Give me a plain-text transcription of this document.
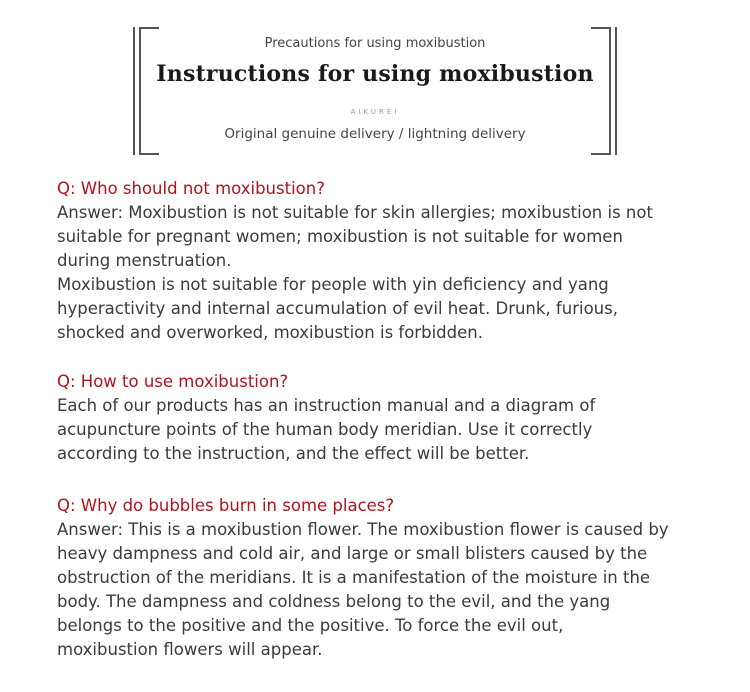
Precautions for using moxibustion
Instructions for using moxibustion
AIKUREI
Original genuine delivery / lightning delivery

Q: Who should not moxibustion?

Answer: Moxibustion is not suitable for skin allergies; moxibustion is not

suitable for pregnant women; moxibustion is not suitable for women

during menstruation.

Moxibustion is not suitable for people with yin deficiency and yang

hyperactivity and internal accumulation of evil heat. Drunk, furious,

shocked and overworked, moxibustion is forbidden.

Q: How to use moxibustion?

Each of our products has an instruction manual and a diagram of

acupuncture points of the human body meridian. Use it correctly

according to the instruction, and the effect will be better.

Q: Why do bubbles burn in some places?

Answer: This is a moxibustion flower. The moxibustion flower is caused by

heavy dampness and cold air, and large or small blisters caused by the

obstruction of the meridians. It is a manifestation of the moisture in the

body. The dampness and coldness belong to the evil, and the yang

belongs to the positive and the positive. To force the evil out,

moxibustion flowers will appear.
